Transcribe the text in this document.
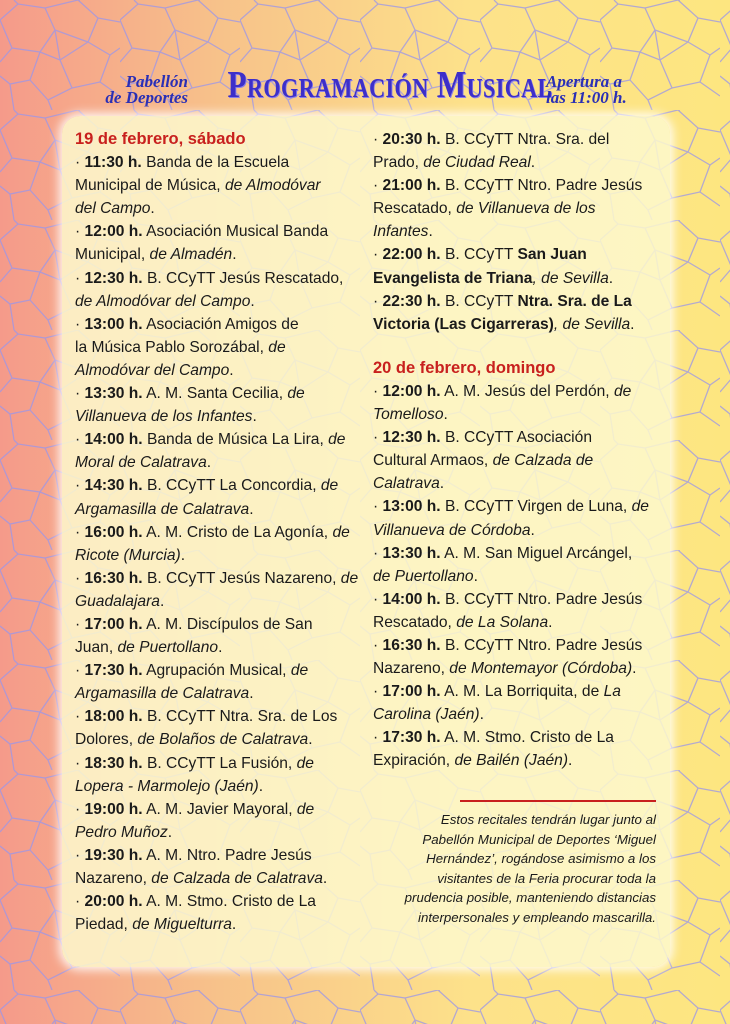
Pabellón
de Deportes Programación Musical
Apertura a
las 11:00 h.

19 de febrero, sábado

· 11:30 h. Banda de la Escuela
Municipal de Música, de Almodóvar
del Campo.

· 12:00 h. Asociación Musical Banda
Municipal, de Almadén.

· 12:30 h. B. CCyTT Jesús Rescatado,
de Almodóvar del Campo.

· 13:00 h. Asociación Amigos de
la Música Pablo Sorozábal, de
Almodóvar del Campo.

· 13:30 h. A. M. Santa Cecilia, de
Villanueva de los Infantes.

· 14:00 h. Banda de Música La Lira, de
Moral de Calatrava.

· 14:30 h. B. CCyTT La Concordia, de
Argamasilla de Calatrava.

· 16:00 h. A. M. Cristo de La Agonía, de
Ricote (Murcia).

· 16:30 h. B. CCyTT Jesús Nazareno, de
Guadalajara.

· 17:00 h. A. M. Discípulos de San
Juan, de Puertollano.

· 17:30 h. Agrupación Musical, de
Argamasilla de Calatrava.

· 18:00 h. B. CCyTT Ntra. Sra. de Los
Dolores, de Bolaños de Calatrava.

· 18:30 h. B. CCyTT La Fusión, de
Lopera - Marmolejo (Jaén).

· 19:00 h. A. M. Javier Mayoral, de
Pedro Muñoz.

· 19:30 h. A. M. Ntro. Padre Jesús
Nazareno, de Calzada de Calatrava.

· 20:00 h. A. M. Stmo. Cristo de La
Piedad, de Miguelturra.

· 20:30 h. B. CCyTT Ntra. Sra. del
Prado, de Ciudad Real.

· 21:00 h. B. CCyTT Ntro. Padre Jesús
Rescatado, de Villanueva de los
Infantes.

· 22:00 h. B. CCyTT San Juan
Evangelista de Triana, de Sevilla.

· 22:30 h. B. CCyTT Ntra. Sra. de La
Victoria (Las Cigarreras), de Sevilla.

20 de febrero, domingo

· 12:00 h. A. M. Jesús del Perdón, de
Tomelloso.

· 12:30 h. B. CCyTT Asociación
Cultural Armaos, de Calzada de
Calatrava.

· 13:00 h. B. CCyTT Virgen de Luna, de
Villanueva de Córdoba.

· 13:30 h. A. M. San Miguel Arcángel,
de Puertollano.

· 14:00 h. B. CCyTT Ntro. Padre Jesús
Rescatado, de La Solana.

· 16:30 h. B. CCyTT Ntro. Padre Jesús
Nazareno, de Montemayor (Córdoba).

· 17:00 h. A. M. La Borriquita, de La
Carolina (Jaén).

· 17:30 h. A. M. Stmo. Cristo de La
Expiración, de Bailén (Jaén).

Estos recitales tendrán lugar junto al
Pabellón Municipal de Deportes ‘Miguel
Hernández’, rogándose asimismo a los
visitantes de la Feria procurar toda la
prudencia posible, manteniendo distancias
interpersonales y empleando mascarilla.
